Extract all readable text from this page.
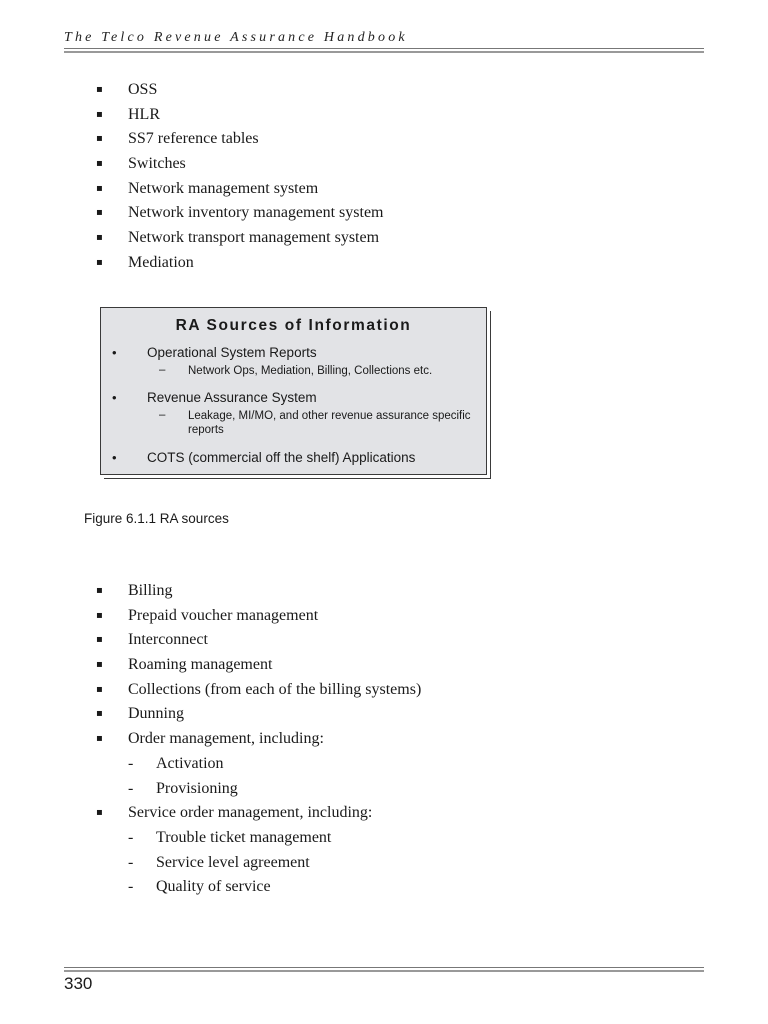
The Telco Revenue Assurance Handbook
▪ OSS
▪ HLR
▪ SS7 reference tables
▪ Switches
▪ Network management system
▪ Network inventory management system
▪ Network transport management system
▪ Mediation
RA Sources of Information
• Operational System Reports
– Network Ops, Mediation, Billing, Collections etc.
• Revenue Assurance System
– Leakage, MI/MO, and other revenue assurance specific reports
• COTS (commercial off the shelf) Applications
Figure 6.1.1 RA sources
▪ Billing
▪ Prepaid voucher management
▪ Interconnect
▪ Roaming management
▪ Collections (from each of the billing systems)
▪ Dunning
▪ Order management, including:
- Activation
- Provisioning
▪ Service order management, including:
- Trouble ticket management
- Service level agreement
- Quality of service
330
